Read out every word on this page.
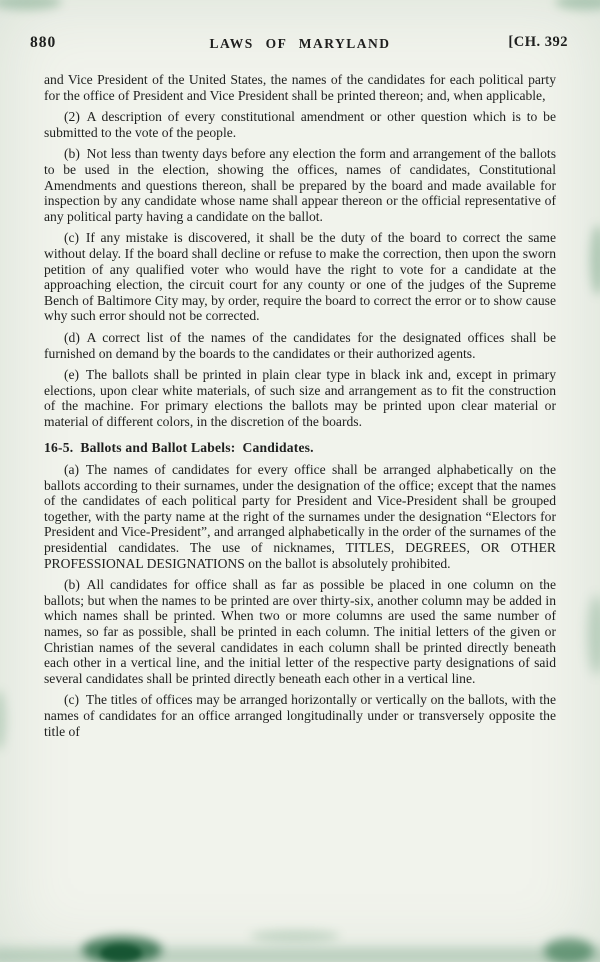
880	LAWS OF MARYLAND	[CH. 392

and Vice President of the United States, the names of the candidates for each political party for the office of President and Vice President shall be printed thereon; and, when applicable,

(2) A description of every constitutional amendment or other question which is to be submitted to the vote of the people.

(b) Not less than twenty days before any election the form and arrangement of the ballots to be used in the election, showing the offices, names of candidates, Constitutional Amendments and questions thereon, shall be prepared by the board and made available for inspection by any candidate whose name shall appear thereon or the official representative of any political party having a candidate on the ballot.

(c) If any mistake is discovered, it shall be the duty of the board to correct the same without delay. If the board shall decline or refuse to make the correction, then upon the sworn petition of any qualified voter who would have the right to vote for a candidate at the approaching election, the circuit court for any county or one of the judges of the Supreme Bench of Baltimore City may, by order, require the board to correct the error or to show cause why such error should not be corrected.

(d) A correct list of the names of the candidates for the designated offices shall be furnished on demand by the boards to the candidates or their authorized agents.

(e) The ballots shall be printed in plain clear type in black ink and, except in primary elections, upon clear white materials, of such size and arrangement as to fit the construction of the machine. For primary elections the ballots may be printed upon clear material or material of different colors, in the discretion of the boards.

16-5. Ballots and Ballot Labels: Candidates.

(a) The names of candidates for every office shall be arranged alphabetically on the ballots according to their surnames, under the designation of the office; except that the names of the candidates of each political party for President and Vice-President shall be grouped together, with the party name at the right of the surnames under the designation “Electors for President and Vice-President”, and arranged alphabetically in the order of the surnames of the presidential candidates. The use of nicknames, TITLES, DEGREES, OR OTHER PROFESSIONAL DESIGNATIONS on the ballot is absolutely prohibited.

(b) All candidates for office shall as far as possible be placed in one column on the ballots; but when the names to be printed are over thirty-six, another column may be added in which names shall be printed. When two or more columns are used the same number of names, so far as possible, shall be printed in each column. The initial letters of the given or Christian names of the several candidates in each column shall be printed directly beneath each other in a vertical line, and the initial letter of the respective party designations of said several candidates shall be printed directly beneath each other in a vertical line.

(c) The titles of offices may be arranged horizontally or vertically on the ballots, with the names of candidates for an office arranged longitudinally under or transversely opposite the title of
